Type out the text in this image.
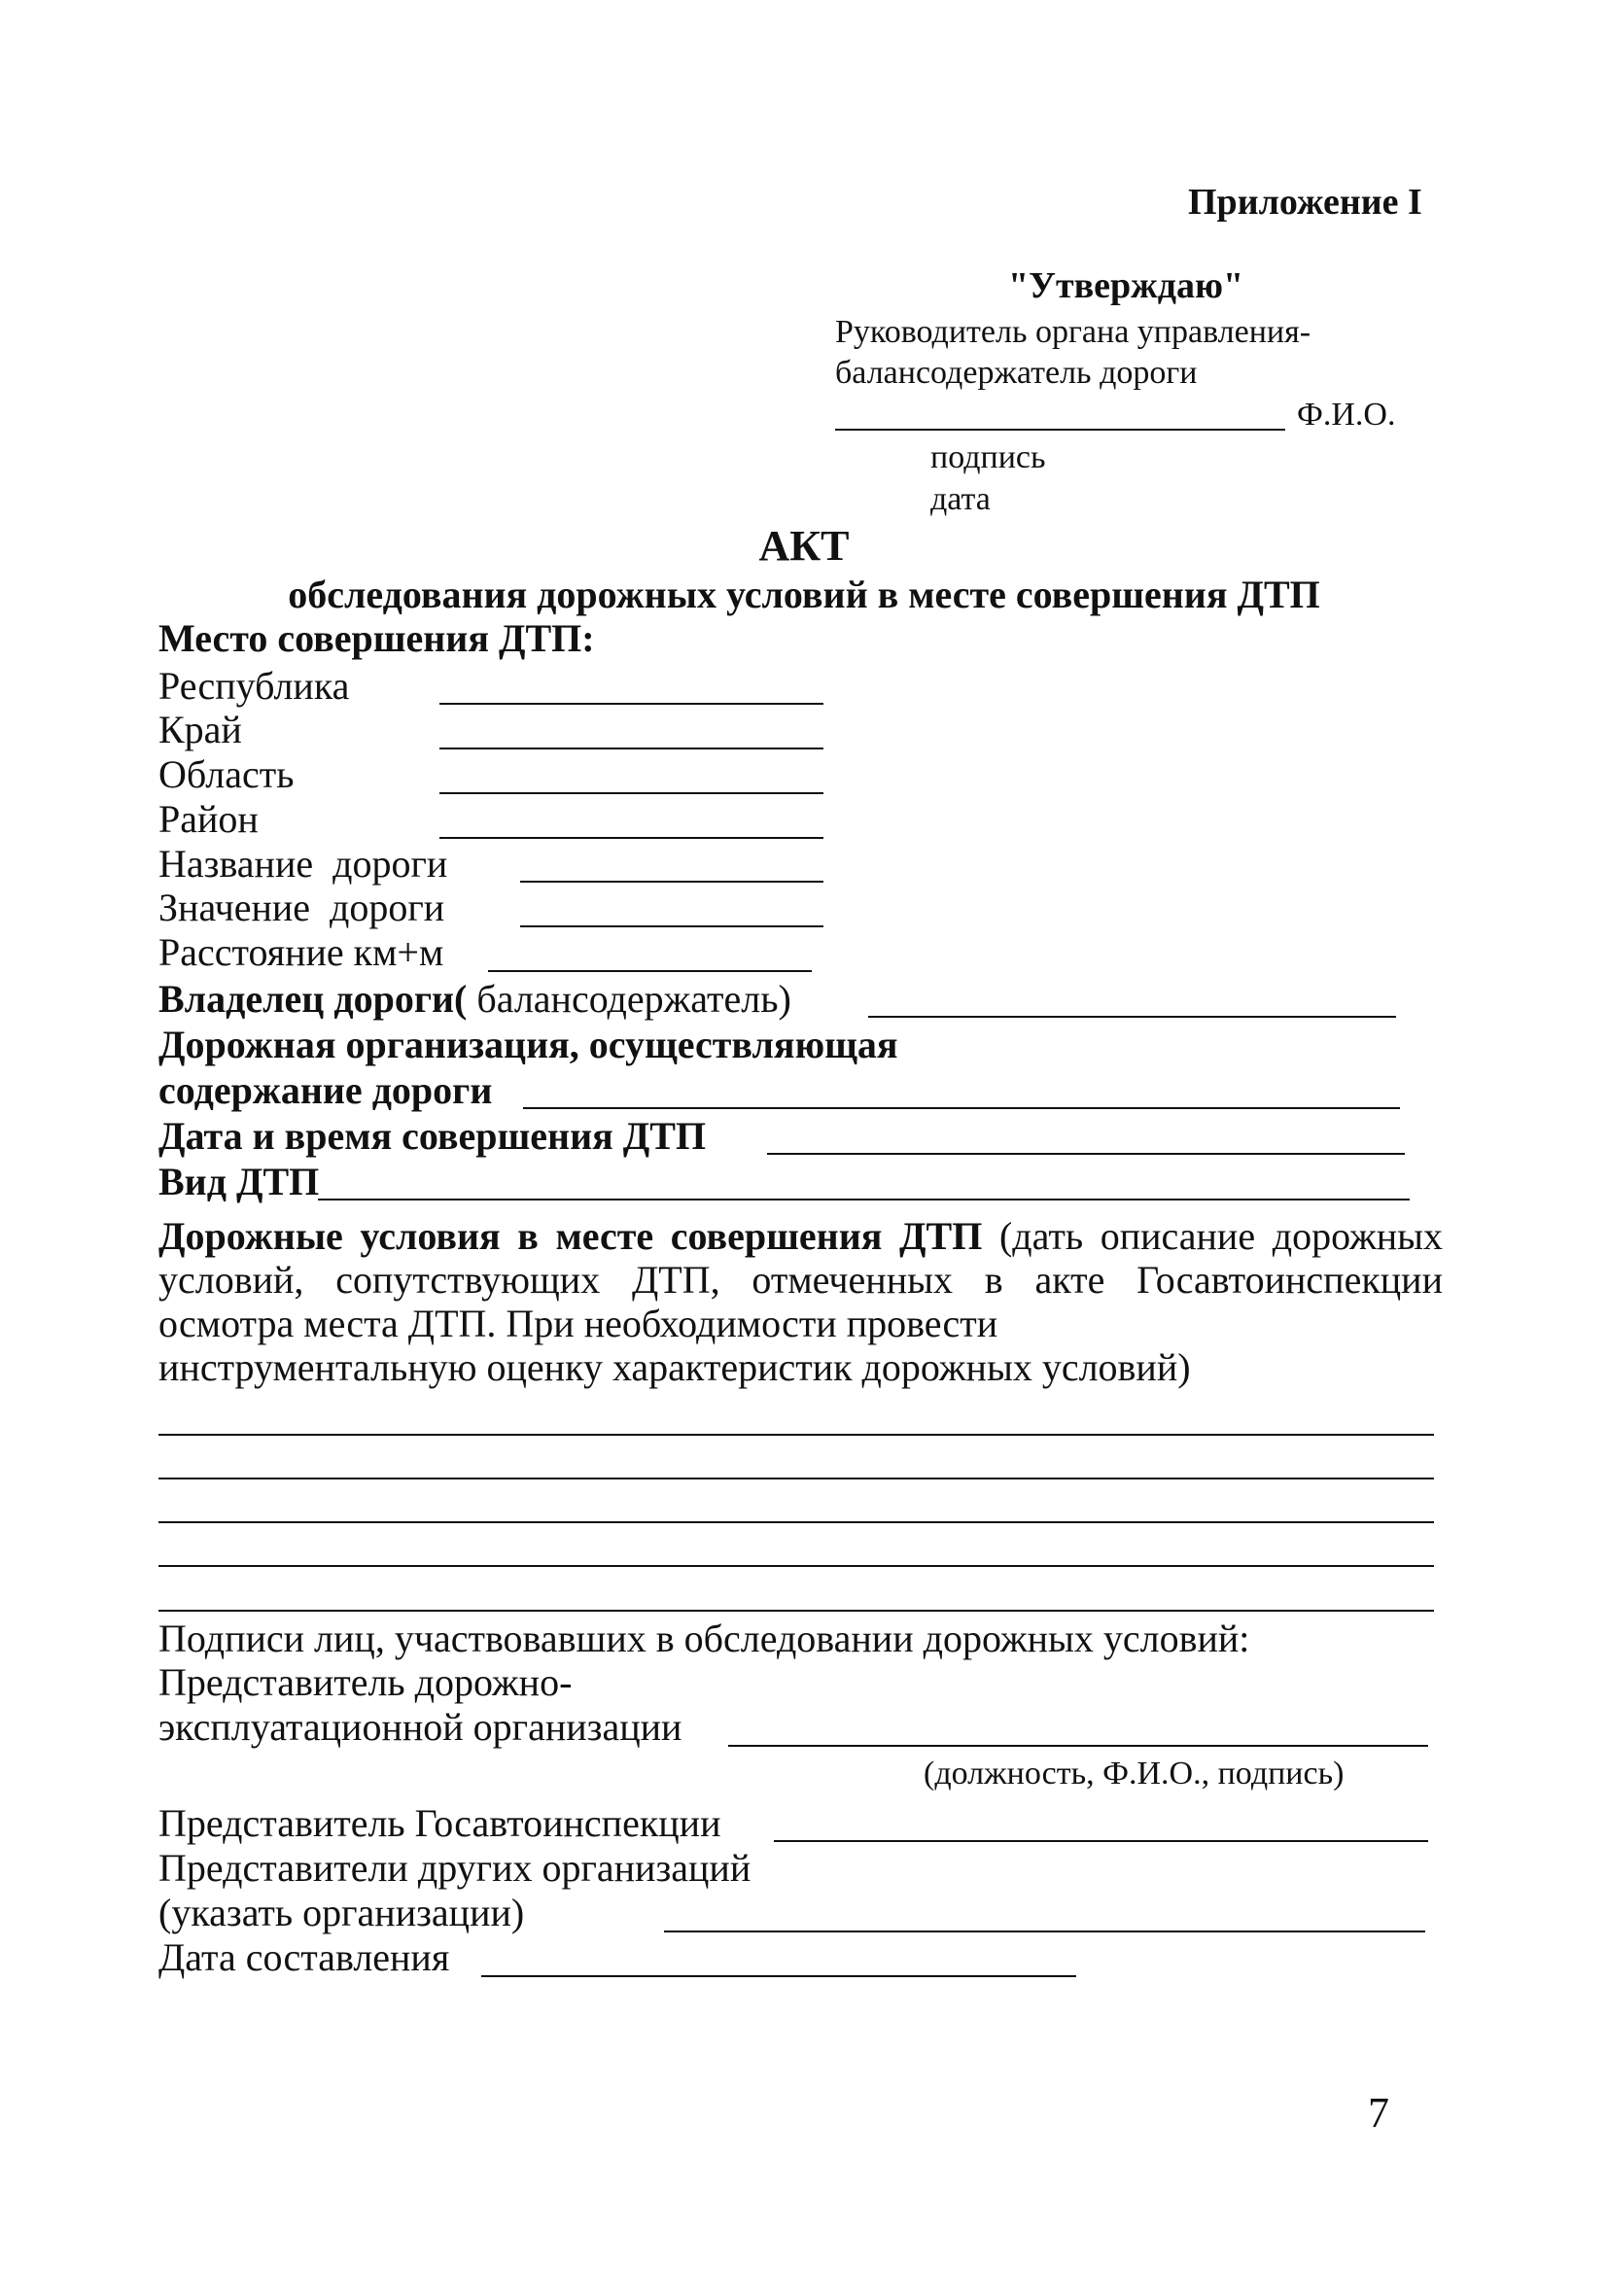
Приложение I
"Утверждаю"
Руководитель органа управления-
балансодержатель дороги
Ф.И.О.
подпись
дата
АКТ
обследования дорожных условий в месте совершения ДТП
Место совершения ДТП:
Республика
Край
Область
Район
Название  дороги
Значение  дороги
Расстояние км+м
Владелец дороги( балансодержатель)
Дорожная организация, осуществляющая
содержание дороги
Дата и время совершения ДТП
Вид ДТП
Дорожные условия в месте совершения ДТП (дать описание дорожных условий, сопутствующих ДТП, отмеченных в акте Госавтоинспекции осмотра места ДТП. При необходимости провести
инструментальную оценку характеристик дорожных условий)
Подписи лиц, участвовавших в обследовании дорожных условий:
Представитель дорожно-
эксплуатационной организации
(должность, Ф.И.О., подпись)
Представитель Госавтоинспекции
Представители других организаций
(указать организации)
Дата составления
7
